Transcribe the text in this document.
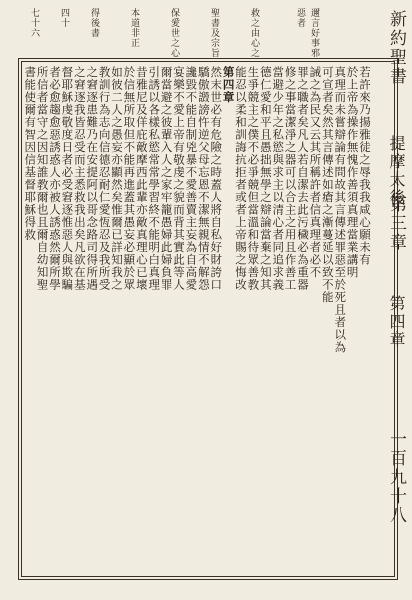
新約聖書
提摩太後
第三章
第四章
一百九十八
邇言好事邪
惡者
救之由心之
聖書及宗旨
保愛世之心
本道非正
得後書
四十
七十六
若許來乃揚雅徒之辱我我咸心願未有
於上帝為操作無愧作善須真理當業講明
真理而未嘗辯論有問故其言傳述罪惡至於死且者以為
可宣者矣然其言傳述如瘡之漸蔓延以致不能
誡之為民又云其所稱許者信真理者必不
罪之職者矣凡人若自潔去此污穢必為重器
修之事當潔淨之器可以合主之用且作善工
當避少年之私慾與求主以清心者同追求義
德仁愛和平且愚拙無學之辯論當棄之知其
生爭競主之僕不必爭競但當溫和待眾善教
能忍以柔和訓誨抗拒者或者上帝賜之悔改
第四章
然末世必有危險之時蓋人將自私好財誇口
驕傲譭謗忤逆父母忘恩不潔無親情不解怨
讒毀不能自制兇暴不愛善賣主妄為自高愛
宴樂不愛上帝有敬虔之貌而背其實此等人
爾當避之彼輩入人之家牢籠愚婦此婦負罪
引誘以各樣私慾常常學習終不能明白真理
昔雅尼及佯庇敵摩西此輩亦敵真理心已壞
於信無所取但不能再進蓋其愚妄必顯於眾
如彼二人之愚妄亦顯然矣惟爾已詳知我之
教訓行為志向信德忍耐仁愛恆忍及我所受
之窘逐患難乃在安提阿以哥念路司得所遇
之窘逐我皆忍受而主悉救我出矣凡欲在基
督耶穌虔敬度日者必受窘逐惟惡人與欺騙
者必愈趨愈惡誘惑人亦被人誘惑然爾所學
所信者當守之因知誰教爾也且爾自幼知聖
書能使爾有智因信基督耶穌得救
